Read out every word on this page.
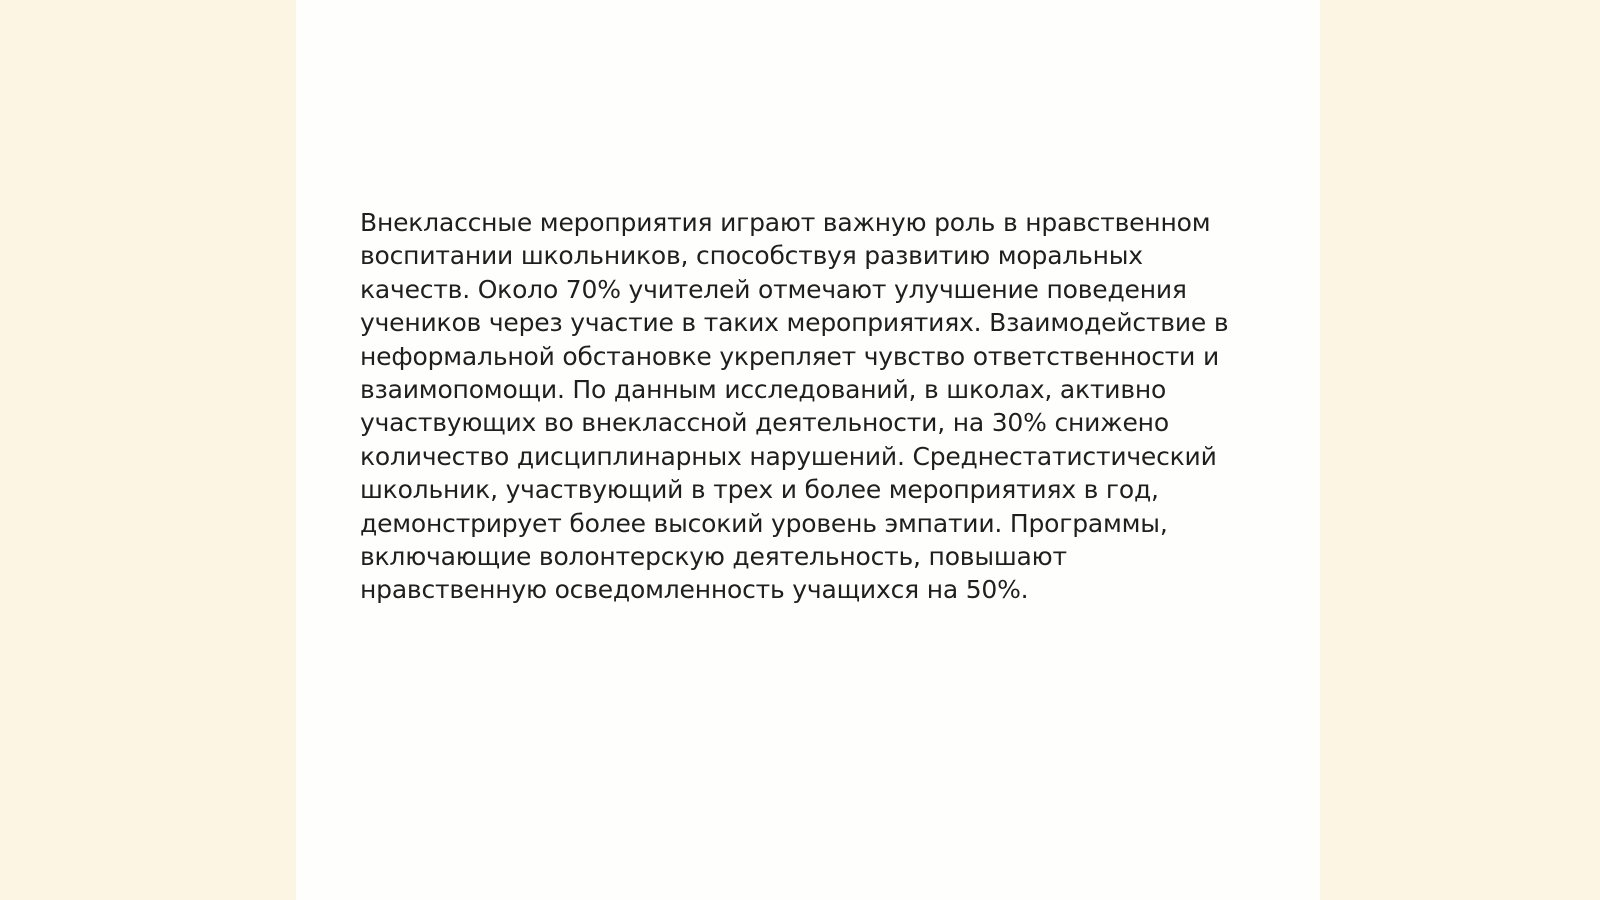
Внеклассные мероприятия играют важную роль в нравственном воспитании школьников, способствуя развитию моральных качеств. Около 70% учителей отмечают улучшение поведения учеников через участие в таких мероприятиях. Взаимодействие в неформальной обстановке укрепляет чувство ответственности и взаимопомощи. По данным исследований, в школах, активно участвующих во внеклассной деятельности, на 30% снижено количество дисциплинарных нарушений. Среднестатистический школьник, участвующий в трех и более мероприятиях в год, демонстрирует более высокий уровень эмпатии. Программы, включающие волонтерскую деятельность, повышают нравственную осведомленность учащихся на 50%.
